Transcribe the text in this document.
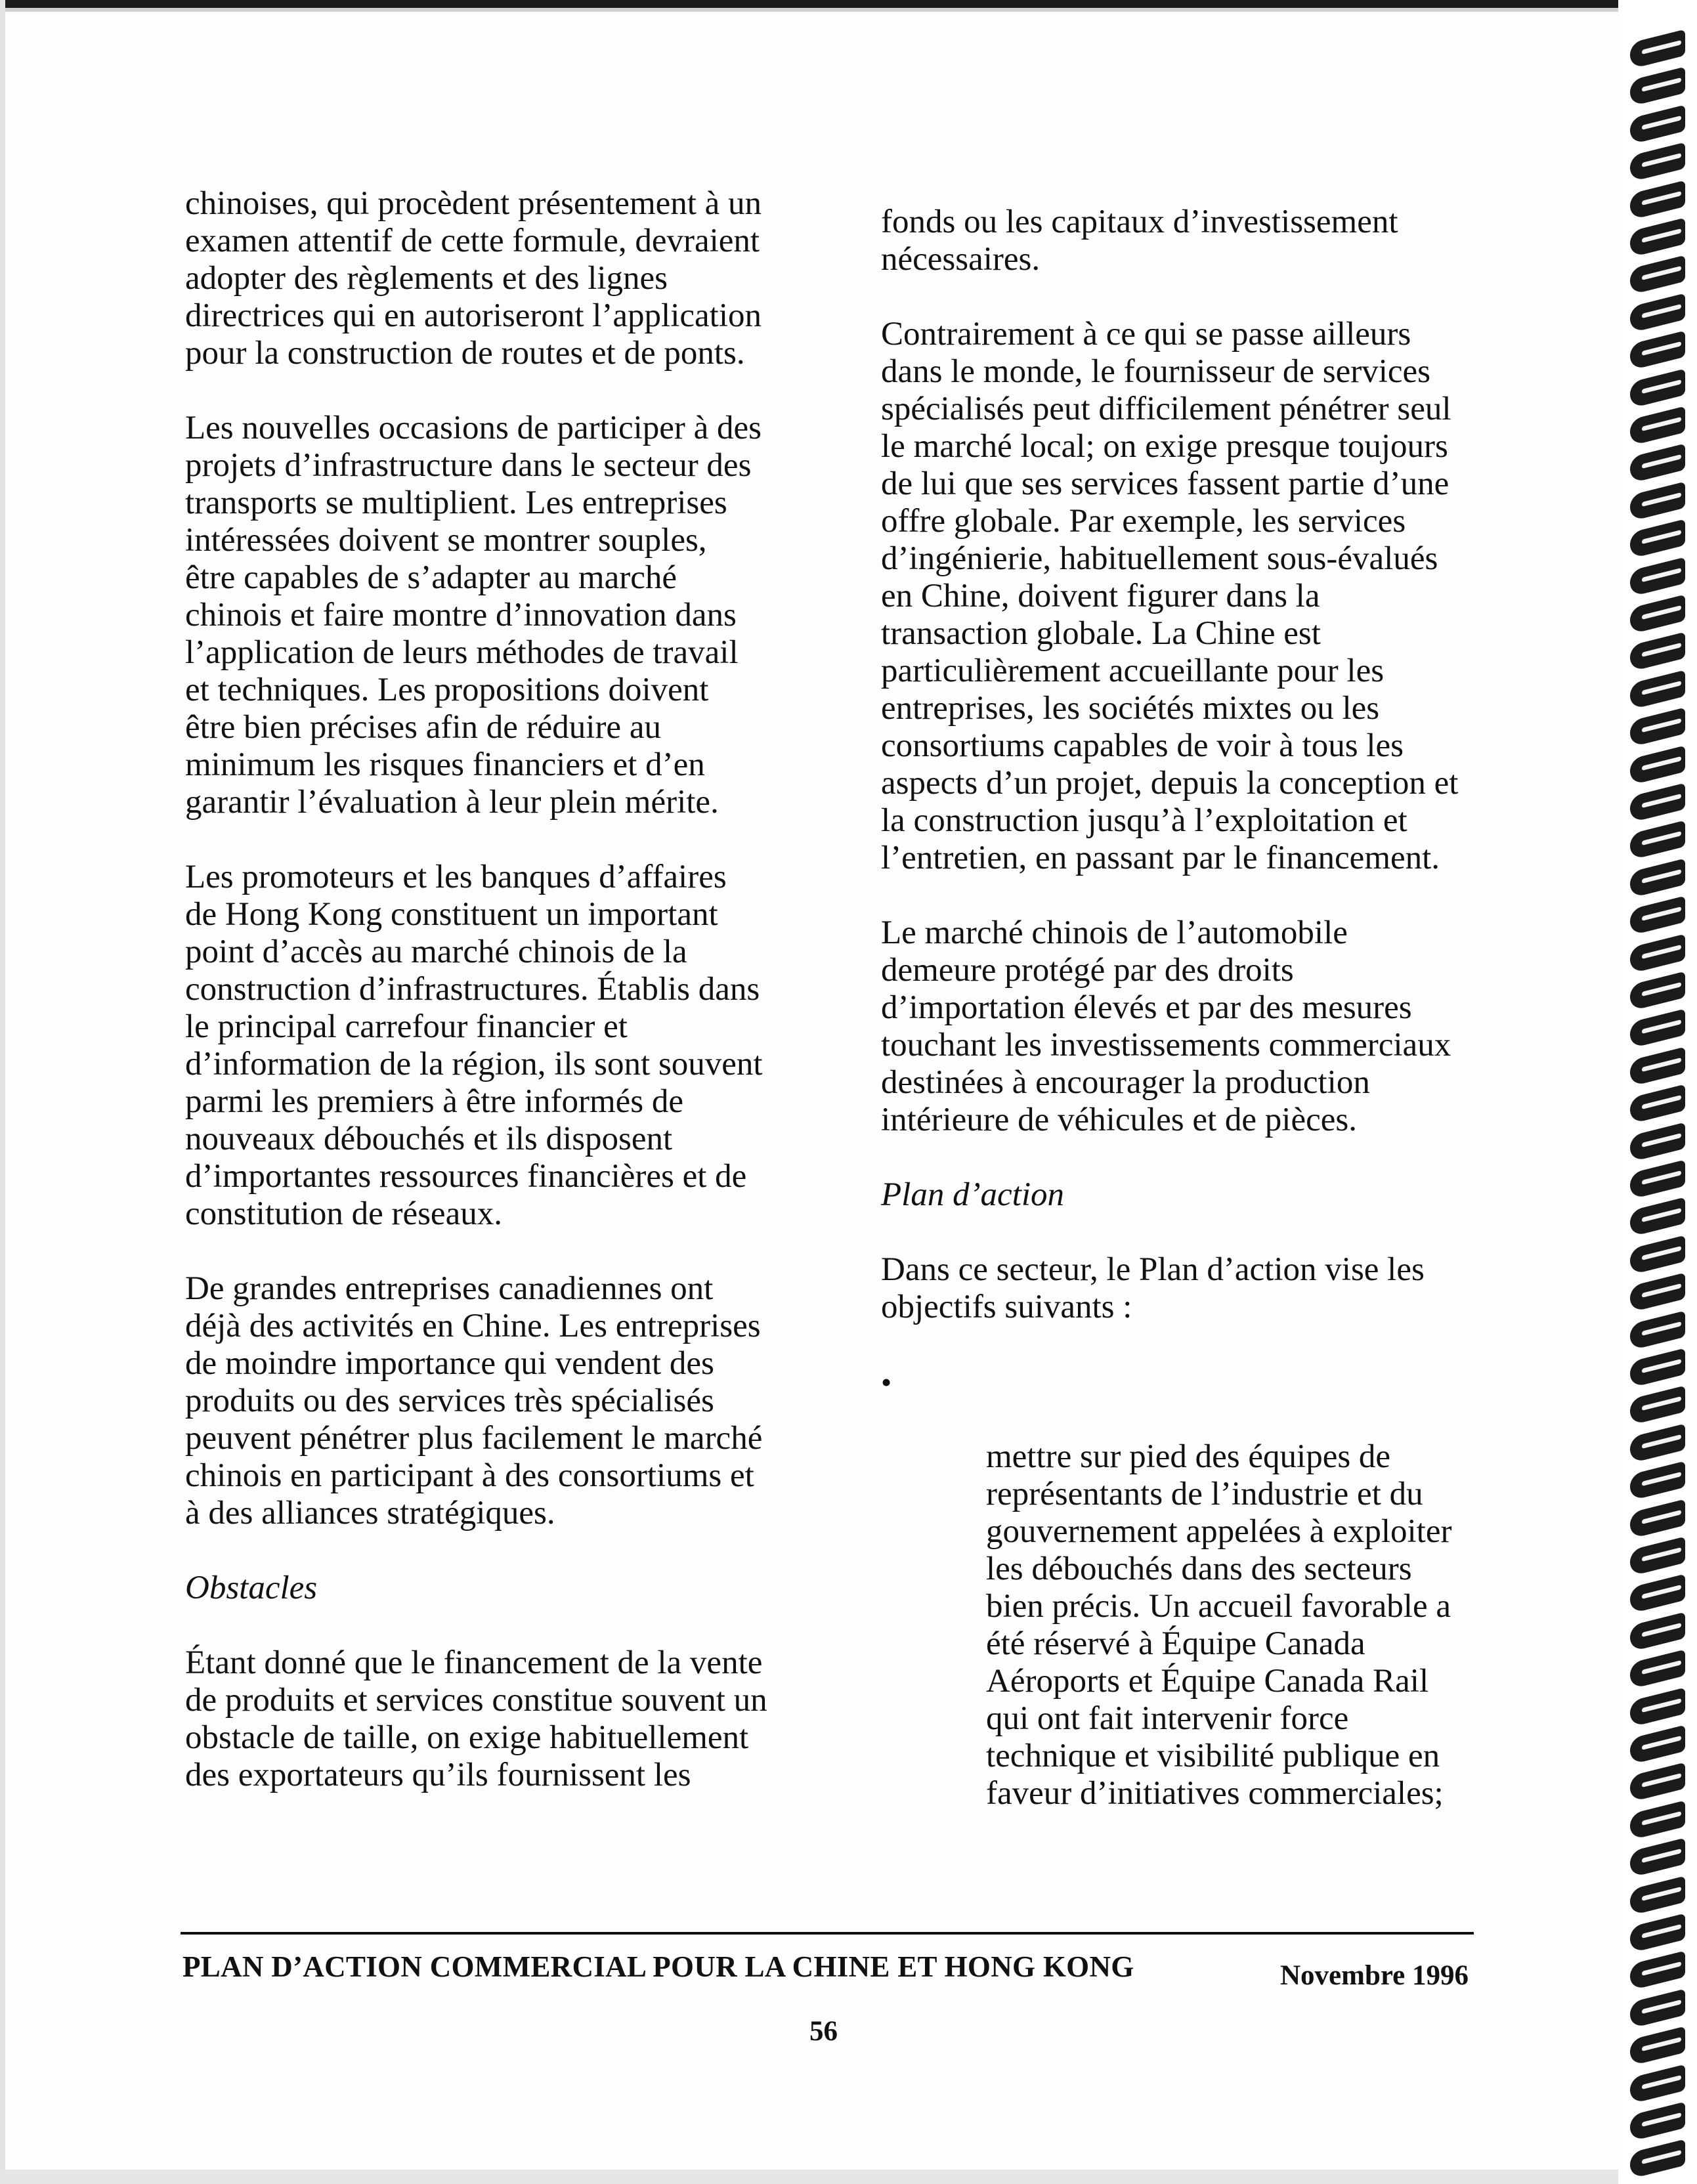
chinoises, qui procèdent présentement à un
examen attentif de cette formule, devraient
adopter des règlements et des lignes
directrices qui en autoriseront l’application
pour la construction de routes et de ponts.

Les nouvelles occasions de participer à des
projets d’infrastructure dans le secteur des
transports se multiplient. Les entreprises
intéressées doivent se montrer souples,
être capables de s’adapter au marché
chinois et faire montre d’innovation dans
l’application de leurs méthodes de travail
et techniques. Les propositions doivent
être bien précises afin de réduire au
minimum les risques financiers et d’en
garantir l’évaluation à leur plein mérite.

Les promoteurs et les banques d’affaires
de Hong Kong constituent un important
point d’accès au marché chinois de la
construction d’infrastructures. Établis dans
le principal carrefour financier et
d’information de la région, ils sont souvent
parmi les premiers à être informés de
nouveaux débouchés et ils disposent
d’importantes ressources financières et de
constitution de réseaux.

De grandes entreprises canadiennes ont
déjà des activités en Chine. Les entreprises
de moindre importance qui vendent des
produits ou des services très spécialisés
peuvent pénétrer plus facilement le marché
chinois en participant à des consortiums et
à des alliances stratégiques.

Obstacles

Étant donné que le financement de la vente
de produits et services constitue souvent un
obstacle de taille, on exige habituellement
des exportateurs qu’ils fournissent les

fonds ou les capitaux d’investissement
nécessaires.

Contrairement à ce qui se passe ailleurs
dans le monde, le fournisseur de services
spécialisés peut difficilement pénétrer seul
le marché local; on exige presque toujours
de lui que ses services fassent partie d’une
offre globale. Par exemple, les services
d’ingénierie, habituellement sous-évalués
en Chine, doivent figurer dans la
transaction globale. La Chine est
particulièrement accueillante pour les
entreprises, les sociétés mixtes ou les
consortiums capables de voir à tous les
aspects d’un projet, depuis la conception et
la construction jusqu’à l’exploitation et
l’entretien, en passant par le financement.

Le marché chinois de l’automobile
demeure protégé par des droits
d’importation élevés et par des mesures
touchant les investissements commerciaux
destinées à encourager la production
intérieure de véhicules et de pièces.

Plan d’action

Dans ce secteur, le Plan d’action vise les
objectifs suivants :

•

mettre sur pied des équipes de
représentants de l’industrie et du
gouvernement appelées à exploiter
les débouchés dans des secteurs
bien précis. Un accueil favorable a
été réservé à Équipe Canada
Aéroports et Équipe Canada Rail
qui ont fait intervenir force
technique et visibilité publique en
faveur d’initiatives commerciales;

PLAN D’ACTION COMMERCIAL POUR LA CHINE ET HONG KONG	Novembre 1996
56
